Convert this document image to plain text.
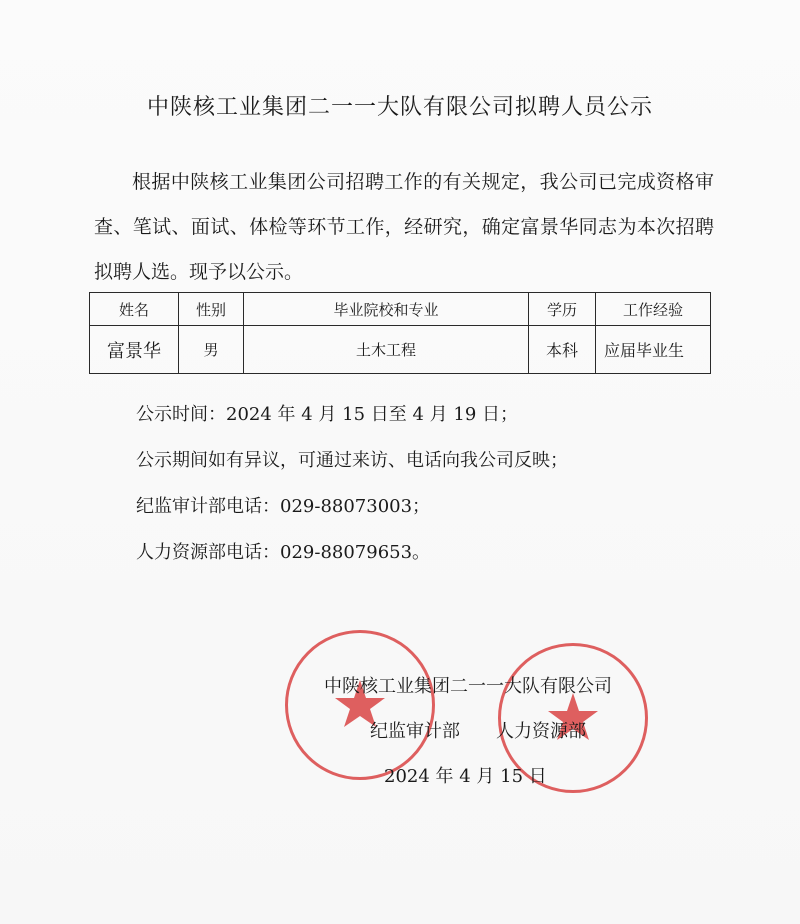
中陕核工业集团二一一大队有限公司拟聘人员公示
根据中陕核工业集团公司招聘工作的有关规定，我公司已完成资格审查、笔试、面试、体检等环节工作，经研究，确定富景华同志为本次招聘拟聘人选。现予以公示。
姓名	性别	毕业院校和专业	学历	工作经验
富景华	男	土木工程	本科	应届毕业生

公示时间：2024 年 4 月 15 日至 4 月 19 日；

公示期间如有异议，可通过来访、电话向我公司反映；

纪监审计部电话：029-88073003；

人力资源部电话：029-88079653。

中陕核工业集团二一一大队有限公司
纪监审计部 人力资源部
2024 年 4 月 15 日
